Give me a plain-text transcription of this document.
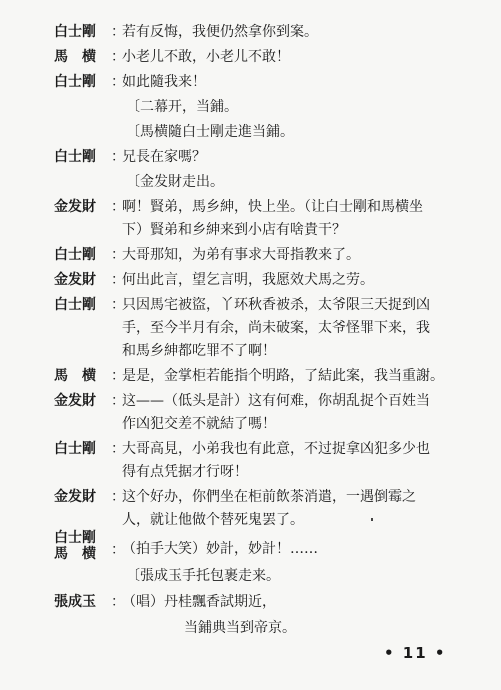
白士剛	：
若有反悔，我便仍然拿你到案。
馬　横	：
小老儿不敢，小老儿不敢！
白士剛	：
如此隨我来！
〔二幕开，当鋪。
〔馬横隨白士剛走進当鋪。
白士剛	：
兄長在家嗎？
〔金发財走出。
金发財	：
啊！賢弟，馬乡紳，快上坐。（让白士剛和馬横坐
下）賢弟和乡紳来到小店有啥貴干？
白士剛	：
大哥那知，为弟有事求大哥指教来了。
金发財	：
何出此言，望乞言明，我愿效犬馬之劳。
白士剛	：
只因馬宅被盜，丫环秋香被杀，太爷限三天捉到凶
手，至今半月有余，尚未破案，太爷怪罪下来，我
和馬乡紳都吃罪不了啊！
馬　横	：
是是，金掌柜若能指个明路，了結此案，我当重謝。
金发財	：
这——（低头是計）这有何难，你胡乱捉个百姓当
作凶犯交差不就結了嗎！
白士剛	：
大哥高見，小弟我也有此意，不过捉拿凶犯多少也
得有点凭据才行呀！
金发財	：
这个好办，你們坐在柜前飲茶消遣，一遇倒霉之
人，就让他做个替死鬼罢了。
白士剛
馬　横	：
（拍手大笑）妙計，妙計！……
〔張成玉手托包裹走来。
張成玉	：
（唱）丹桂飄香試期近，
当鋪典当到帝京。
• 11 •
